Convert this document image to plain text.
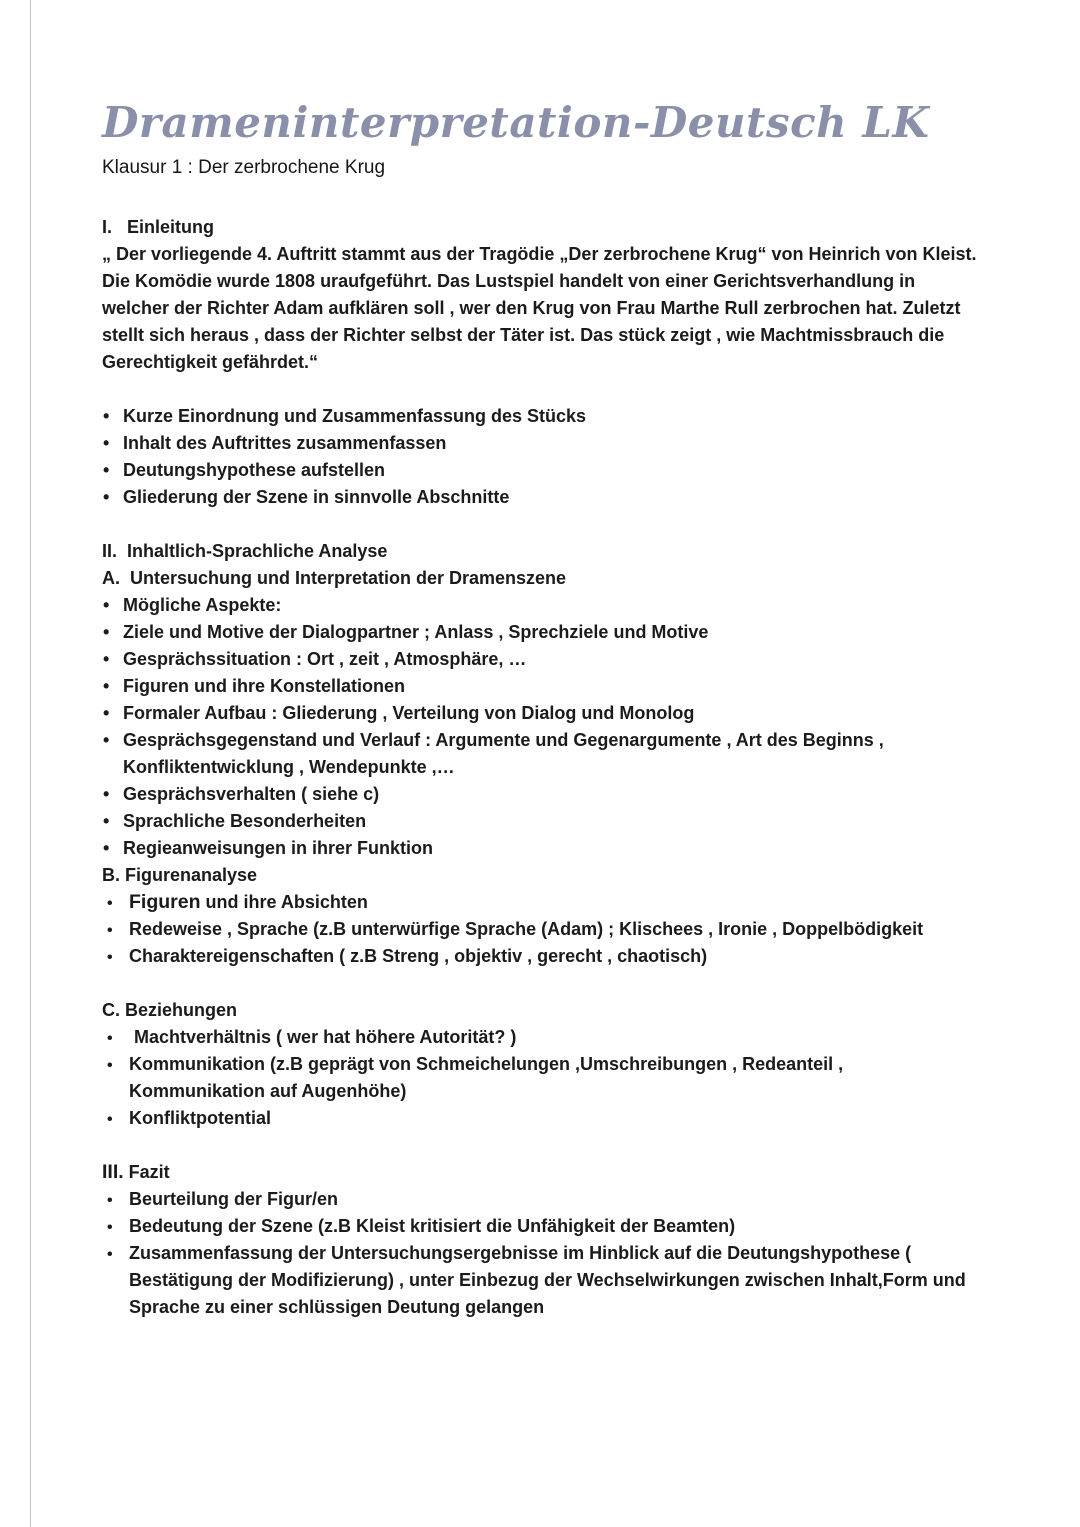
Drameninterpretation-Deutsch LK
Klausur 1 : Der zerbrochene Krug
I.   Einleitung
„ Der vorliegende 4. Auftritt stammt aus der Tragödie „Der zerbrochene Krug“ von Heinrich von Kleist. Die Komödie wurde 1808 uraufgeführt. Das Lustspiel handelt von einer Gerichtsverhandlung in welcher der Richter Adam aufklären soll , wer den Krug von Frau Marthe Rull zerbrochen hat. Zuletzt stellt sich heraus , dass der Richter selbst der Täter ist. Das stück zeigt , wie Machtmissbrauch die Gerechtigkeit gefährdet.“
• Kurze Einordnung und Zusammenfassung des Stücks
• Inhalt des Auftrittes zusammenfassen
• Deutungshypothese aufstellen
• Gliederung der Szene in sinnvolle Abschnitte
II.  Inhaltlich-Sprachliche Analyse
A.  Untersuchung und Interpretation der Dramenszene
• Mögliche Aspekte:
• Ziele und Motive der Dialogpartner ; Anlass , Sprechziele und Motive
• Gesprächssituation : Ort , zeit , Atmosphäre, …
• Figuren und ihre Konstellationen
• Formaler Aufbau : Gliederung , Verteilung von Dialog und Monolog
• Gesprächsgegenstand und Verlauf : Argumente und Gegenargumente , Art des Beginns , Konfliktentwicklung , Wendepunkte ,…
• Gesprächsverhalten ( siehe c)
• Sprachliche Besonderheiten
• Regieanweisungen in ihrer Funktion
B. Figurenanalyse
• Figuren und ihre Absichten
• Redeweise , Sprache (z.B unterwürfige Sprache (Adam) ; Klischees , Ironie , Doppelbödigkeit
• Charaktereigenschaften ( z.B Streng , objektiv , gerecht , chaotisch)
C. Beziehungen
•  Machtverhältnis ( wer hat höhere Autorität? )
• Kommunikation (z.B geprägt von Schmeichelungen ,Umschreibungen , Redeanteil , Kommunikation auf Augenhöhe)
• Konfliktpotential
III. Fazit
• Beurteilung der Figur/en
• Bedeutung der Szene (z.B Kleist kritisiert die Unfähigkeit der Beamten)
• Zusammenfassung der Untersuchungsergebnisse im Hinblick auf die Deutungshypothese ( Bestätigung der Modifizierung) , unter Einbezug der Wechselwirkungen zwischen Inhalt,Form und Sprache zu einer schlüssigen Deutung gelangen
